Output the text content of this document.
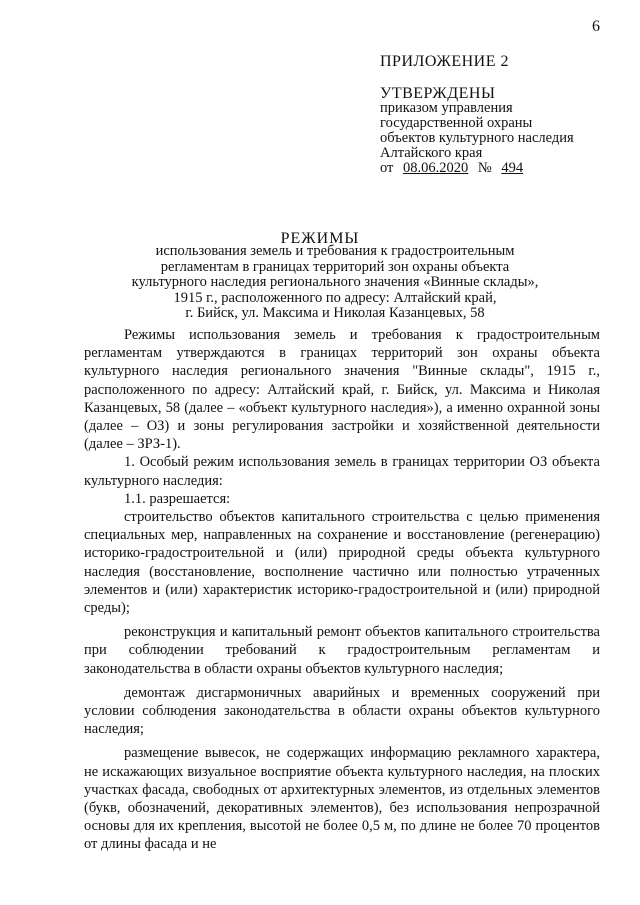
6
ПРИЛОЖЕНИЕ 2
УТВЕРЖДЕНЫ
приказом управления
государственной охраны
объектов культурного наследия
Алтайского края
от 08.06.2020 № 494
РЕЖИМЫ
использования земель и требования к градостроительным
регламентам в границах территорий зон охраны объекта
культурного наследия регионального значения «Винные склады»,
1915 г., расположенного по адресу: Алтайский край,
г. Бийск, ул. Максима и Николая Казанцевых, 58

Режимы использования земель и требования к градостроительным регламентам утверждаются в границах территорий зон охраны объекта культурного наследия регионального значения "Винные склады", 1915 г., расположенного по адресу: Алтайский край, г. Бийск, ул. Максима и Николая Казанцевых, 58 (далее – «объект культурного наследия»), а именно охранной зоны (далее – ОЗ) и зоны регулирования застройки и хозяйственной деятельности (далее – ЗРЗ-1).

1. Особый режим использования земель в границах территории ОЗ объекта культурного наследия:

1.1. разрешается:

строительство объектов капитального строительства с целью применения специальных мер, направленных на сохранение и восстановление (регенерацию) историко-градостроительной и (или) природной среды объекта культурного наследия (восстановление, восполнение частично или полностью утраченных элементов и (или) характеристик историко-градостроительной и (или) природной среды);

реконструкция и капитальный ремонт объектов капитального строительства при соблюдении требований к градостроительным регламентам и законодательства в области охраны объектов культурного наследия;

демонтаж дисгармоничных аварийных и временных сооружений при условии соблюдения законодательства в области охраны объектов культурного наследия;

размещение вывесок, не содержащих информацию рекламного характера, не искажающих визуальное восприятие объекта культурного наследия, на плоских участках фасада, свободных от архитектурных элементов, из отдельных элементов (букв, обозначений, декоративных элементов), без использования непрозрачной основы для их крепления, высотой не более 0,5 м, по длине не более 70 процентов от длины фасада и не
